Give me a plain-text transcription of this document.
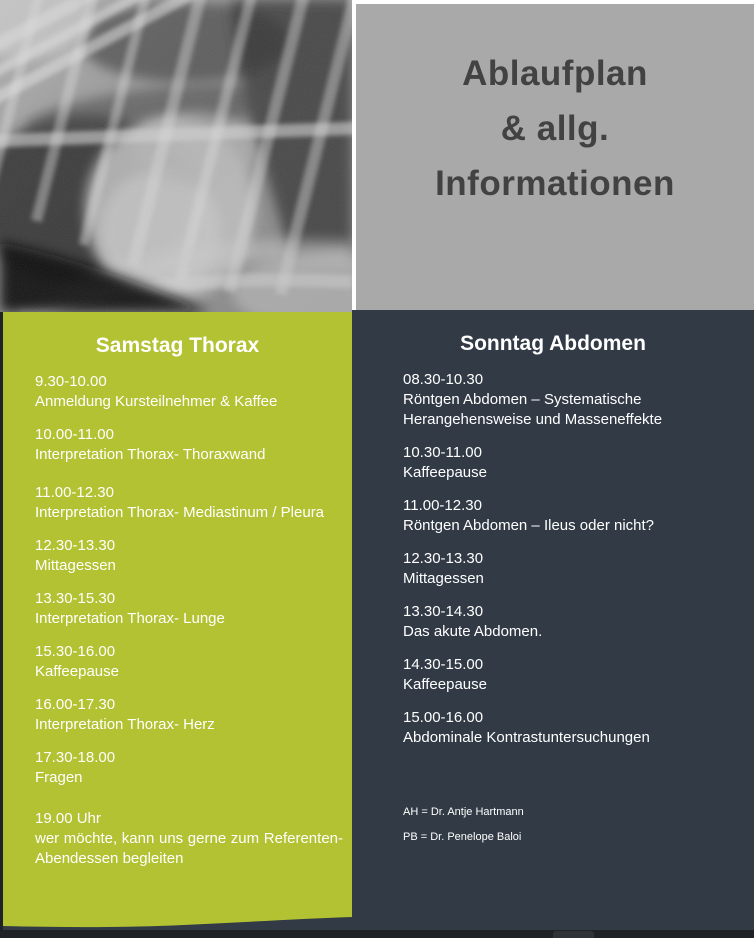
Ablaufplan
& allg.
Informationen
Samstag Thorax
9.30-10.00
Anmeldung Kursteilnehmer & Kaffee
10.00-11.00
Interpretation Thorax- Thoraxwand
11.00-12.30
Interpretation Thorax- Mediastinum / Pleura
12.30-13.30
Mittagessen
13.30-15.30
Interpretation Thorax- Lunge
15.30-16.00
Kaffeepause
16.00-17.30
Interpretation Thorax- Herz
17.30-18.00
Fragen
19.00 Uhr
wer möchte, kann uns gerne zum Referenten-Abendessen begleiten
Sonntag Abdomen
08.30-10.30
Röntgen Abdomen – Systematische Herangehensweise und Masseneffekte
10.30-11.00
Kaffeepause
11.00-12.30
Röntgen Abdomen – Ileus oder nicht?
12.30-13.30
Mittagessen
13.30-14.30
Das akute Abdomen.
14.30-15.00
Kaffeepause
15.00-16.00
Abdominale Kontrastuntersuchungen
AH = Dr. Antje Hartmann
PB = Dr. Penelope Baloi
